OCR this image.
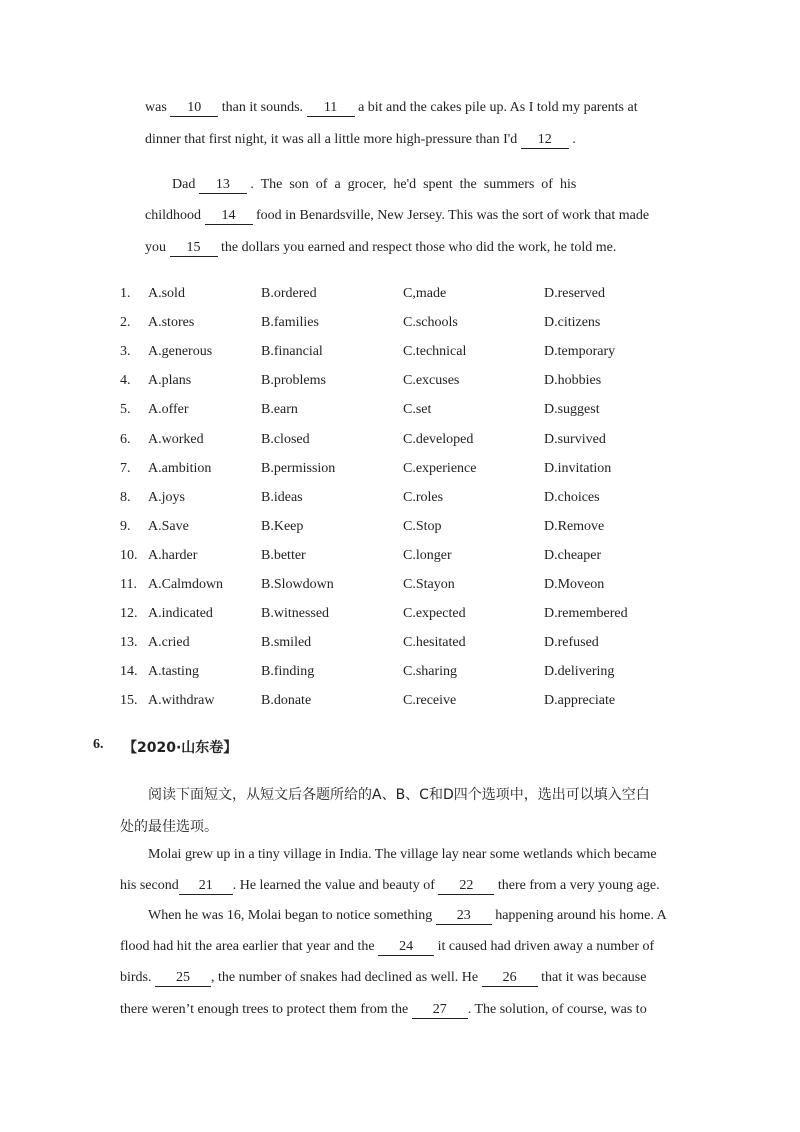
was 10 than it sounds. 11 a bit and the cakes pile up. As I told my parents at
dinner that first night, it was all a little more high-pressure than I'd 12 .
Dad 13 .  The  son  of  a  grocer,  he'd  spent  the  summers  of  his
childhood 14 food in Benardsville, New Jersey. This was the sort of work that made
you 15 the dollars you earned and respect those who did the work, he told me.
1. A.sold	B.ordered	C,made	D.reserved
2. A.stores	B.families	C.schools	D.citizens
3. A.generous	B.financial	C.technical	D.temporary
4. A.plans	B.problems	C.excuses	D.hobbies
5. A.offer	B.earn	C.set	D.suggest
6. A.worked	B.closed	C.developed	D.survived
7. A.ambition	B.permission	C.experience	D.invitation
8. A.joys	B.ideas	C.roles	D.choices
9. A.Save	B.Keep	C.Stop	D.Remove
10. A.harder	B.better	C.longer	D.cheaper
11. A.Calmdown	B.Slowdown	C.Stayon	D.Moveon
12. A.indicated	B.witnessed	C.expected	D.remembered
13. A.cried	B.smiled	C.hesitated	D.refused
14. A.tasting	B.finding	C.sharing	D.delivering
15. A.withdraw	B.donate	C.receive	D.appreciate
6. 【2020·山东卷】
阅读下面短文，从短文后各题所给的A、B、C和D四个选项中，选出可以填入空白
处的最佳选项。
Molai grew up in a tiny village in India. The village lay near some wetlands which became
his second 21 . He learned the value and beauty of 22 there from a very young age.
When he was 16, Molai began to notice something 23 happening around his home. A
flood had hit the area earlier that year and the 24 it caused had driven away a number of
birds. 25 , the number of snakes had declined as well. He 26 that it was because
there weren’t enough trees to protect them from the 27 . The solution, of course, was to
